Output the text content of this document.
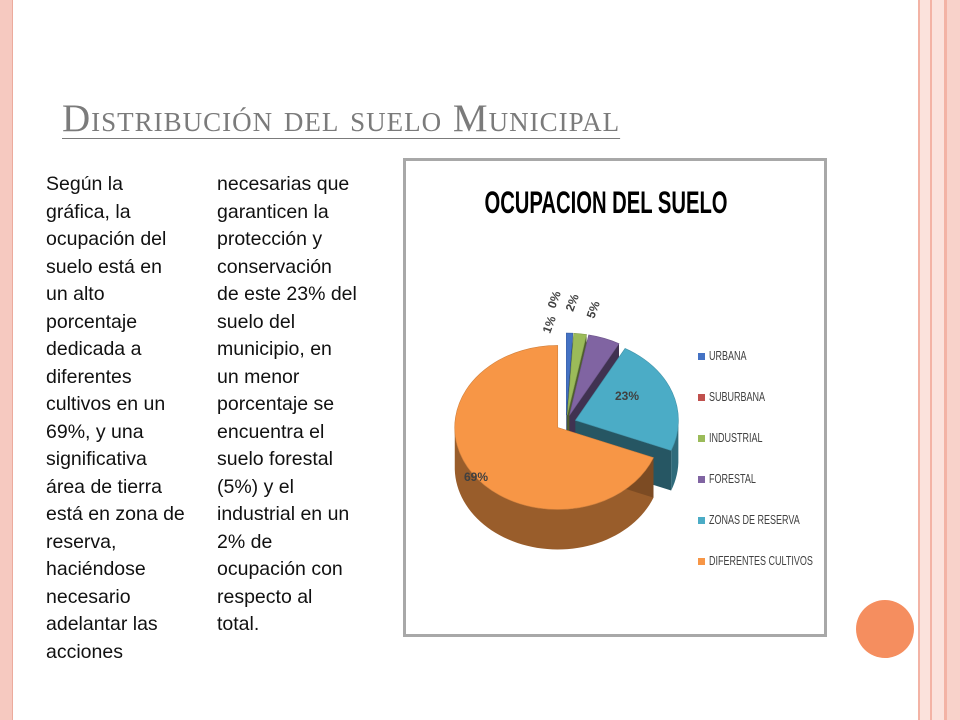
Distribución del suelo Municipal
Según la
gráfica, la
ocupación del
suelo está en
un alto
porcentaje
dedicada a
diferentes
cultivos en un
69%, y una
significativa
área de tierra
está en zona de
reserva,
haciéndose
necesario
adelantar las
acciones
necesarias que
garanticen la
protección y
conservación
de este 23% del
suelo del
municipio, en
un menor
porcentaje se
encuentra el
suelo forestal
(5%) y el
industrial en un
2% de
ocupación con
respecto al
total.
OCUPACION DEL SUELO
1%
0%
2% 5%
23%
69%
URBANA
SUBURBANA
INDUSTRIAL
FORESTAL
ZONAS DE RESERVA
DIFERENTES CULTIVOS
